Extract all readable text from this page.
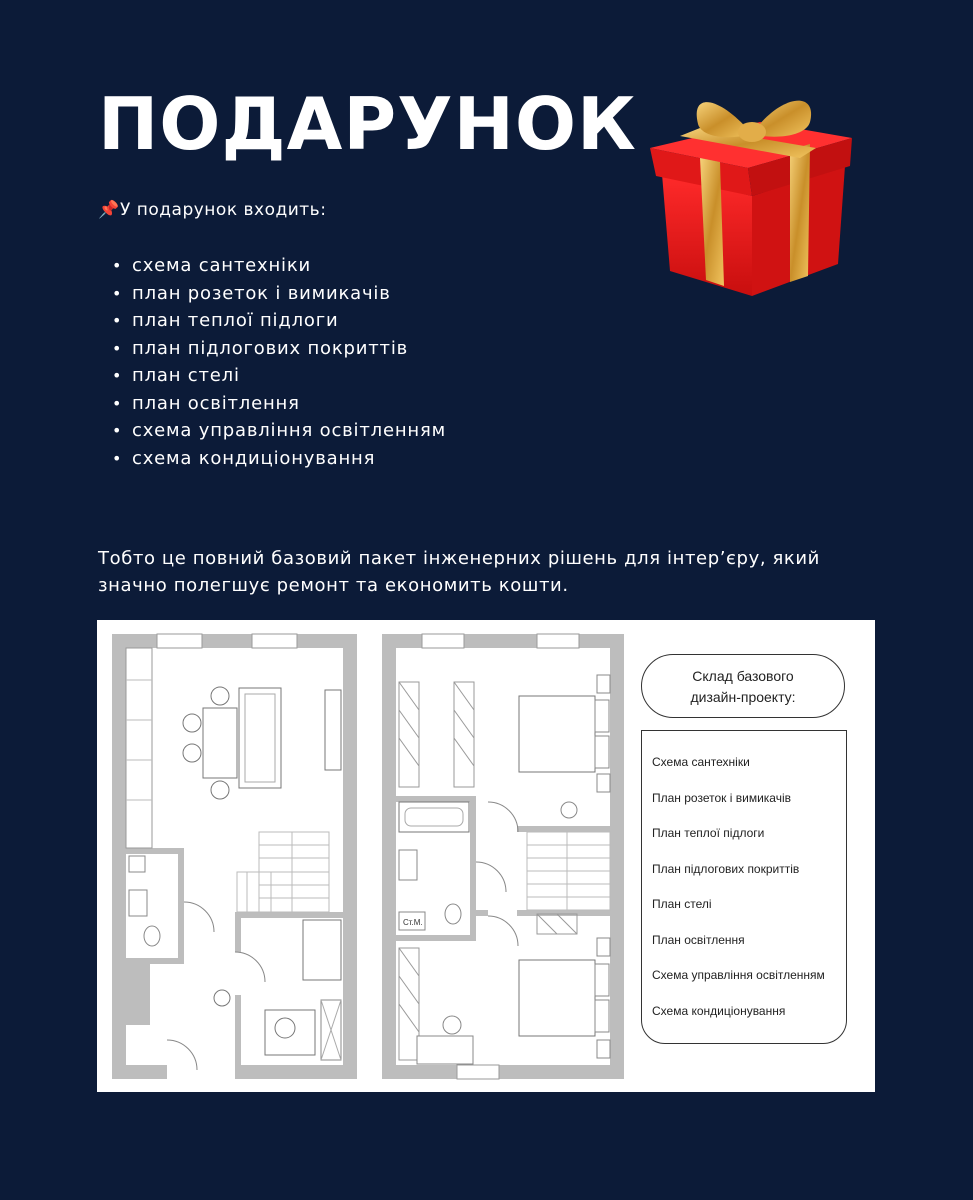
ПОДАРУНОК
📌У подарунок входить:
• схема сантехніки
• план розеток і вимикачів
• план теплої підлоги
• план підлогових покриттів
• план стелі
• план освітлення
• схема управління освітленням
• схема кондиціонування

Тобто це повний базовий пакет інженерних рішень для інтер’єру, який значно полегшує ремонт та економить кошти.

Ст.М.
Склад базового
дизайн-проекту:
Схема сантехніки
План розеток і вимикачів
План теплої підлоги
План підлогових покриттів
План стелі
План освітлення
Схема управління освітленням
Схема кондиціонування
